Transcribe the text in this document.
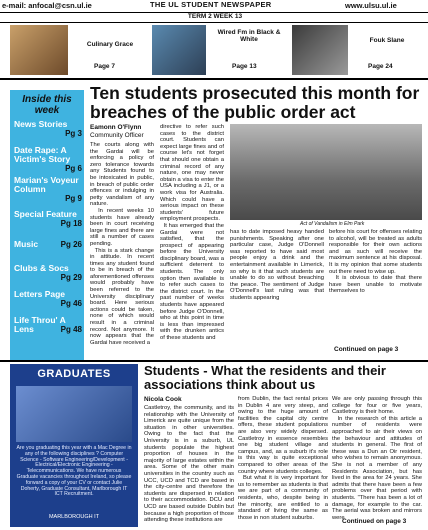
e-mail: anfocal@csn.ul.ie	THE UL STUDENT NEWSPAPER	www.ulsu.ul.ie
TERM 2 WEEK 13
Culinary Grace
Page 7
Wired Fm in Black & White
Page 13
Fouk Slane
Page 24
Inside this week
News Stories

Pg 3
Date Rape: A Victim's Story
Pg 6
Marian's Voyeur Column

Pg 9
Special Feature

Pg 18
Music	Pg 26
Clubs & Socs
Pg 29
Letters Page
Pg 46
Life Throu' A Lens	Pg 48
Ten students prosecuted this month for breaches of the public order act
Eamonn O'Flynn
Community Officer
The courts along with the Gardai will be enforcing a policy of zero tolerance towards any Students found to be intoxicated in public, in breach of public order offences or indulging in petty vandalism of any nature.
In recent weeks 10 students have already been in court receiving large fines and there are still a number of cases pending.
This is a stark change in attitude. In recent times any student found to be in breach of the aforementioned offenses would probably have been referred to the University disciplinary board. Here serious actions could be taken, none of which would result in a criminal record. Not anymore. It now appears that the Gardai have received a
directive to refer such cases to the district court. Students can expect large fines and of course let's not forget that should one obtain a criminal record of any nature, one may never obtain a visa to enter the USA including a J1, or a work visa for Australia. Which could have a serious impact on these students' future employment prospects.
It has emerged that the Gardai were not satisfied, that the prospect of appearing before the University disciplinary board, was a sufficient deterrent to students. The only option then available is to refer such cases to the district court. In the past number of weeks students have appeared before Judge O'Donnell, who at this point in time is less than impressed with the drunken antics of these students and
Act of Vandalism in Elm Park
has to date imposed heavy handed punishments. Speaking after one particular case, Judge O'Donnell was reported to have said most people enjoy a drink and the entertainment available in Limerick, so why is it that such students are unable to do so without breaching the peace. The sentiment of Judge O'Donnell's last ruling was that students appearing
before his court for offenses relating to alcohol, will be treated as adults responsible for their own actions and as such will receive the maximum sentence at his disposal. It is my opinion that some students out there need to wise up.
It is obvious to date that there have been unable to motivate themselves to
Continued on page 3
GRADUATES
Are you graduating this year with a Mac Degree in any of the following disciplines ? Computer Science - Software Engineering/Development - Electrical/Electronic Engineering - Telecommunications. We have numerous Graduate vacancies throughout Ireland, so please forward a copy of your CV or contact Julie Doherty, Graduate Consultant, Marlborough IT ICT Recruitment.
MARLBOROUGH IT
Students - What the residents and their associations think about us
Nicola Cook
Castletroy, the community, and its relationship with the University of Limerick are quite unique from the situation in other universities. Owing to the fact that the University is in a suburb, UL students populate the highest proportion of houses in the majority of large estates within the area. Some of the other main universities in the country such as UCC, UCD and TCD are based in the city-centre and therefore the students are dispersed in relation to their accommodation. DCU and UCD are based outside Dublin but because a high proportion of those attending these institutions are
from Dublin, the fact rental prices in Dublin 4 are very steep, and owing to the huge amount of facilities the capital city centre offers, these student populations are also very widely dispersed. Castletroy in essence resembles one big student village and campus, and, as a suburb it's role is this way is quite exceptional compared to other areas of the country where students colleges.
But what it is very important for us to remember as students is that we are part of a community of residents, who, despite being in the minority, are entitled to a standard of living the same as those in non student suburbs.
We are only passing through this college for four or five years, Castletroy is their home.
In the research of this article a number of residents were approached to air their views on the behaviour and attitudes of students in general. The first of these was a Dun an Oir resident, who wishes to remain anonymous. She is not a member of any Residents Association, but has lived in the area for 24 years. She admits that there have been a few problems over that period with students. "There has been a lot of damage, for example to the car. The aerial was broken and mirrors were
Continued on page 3
